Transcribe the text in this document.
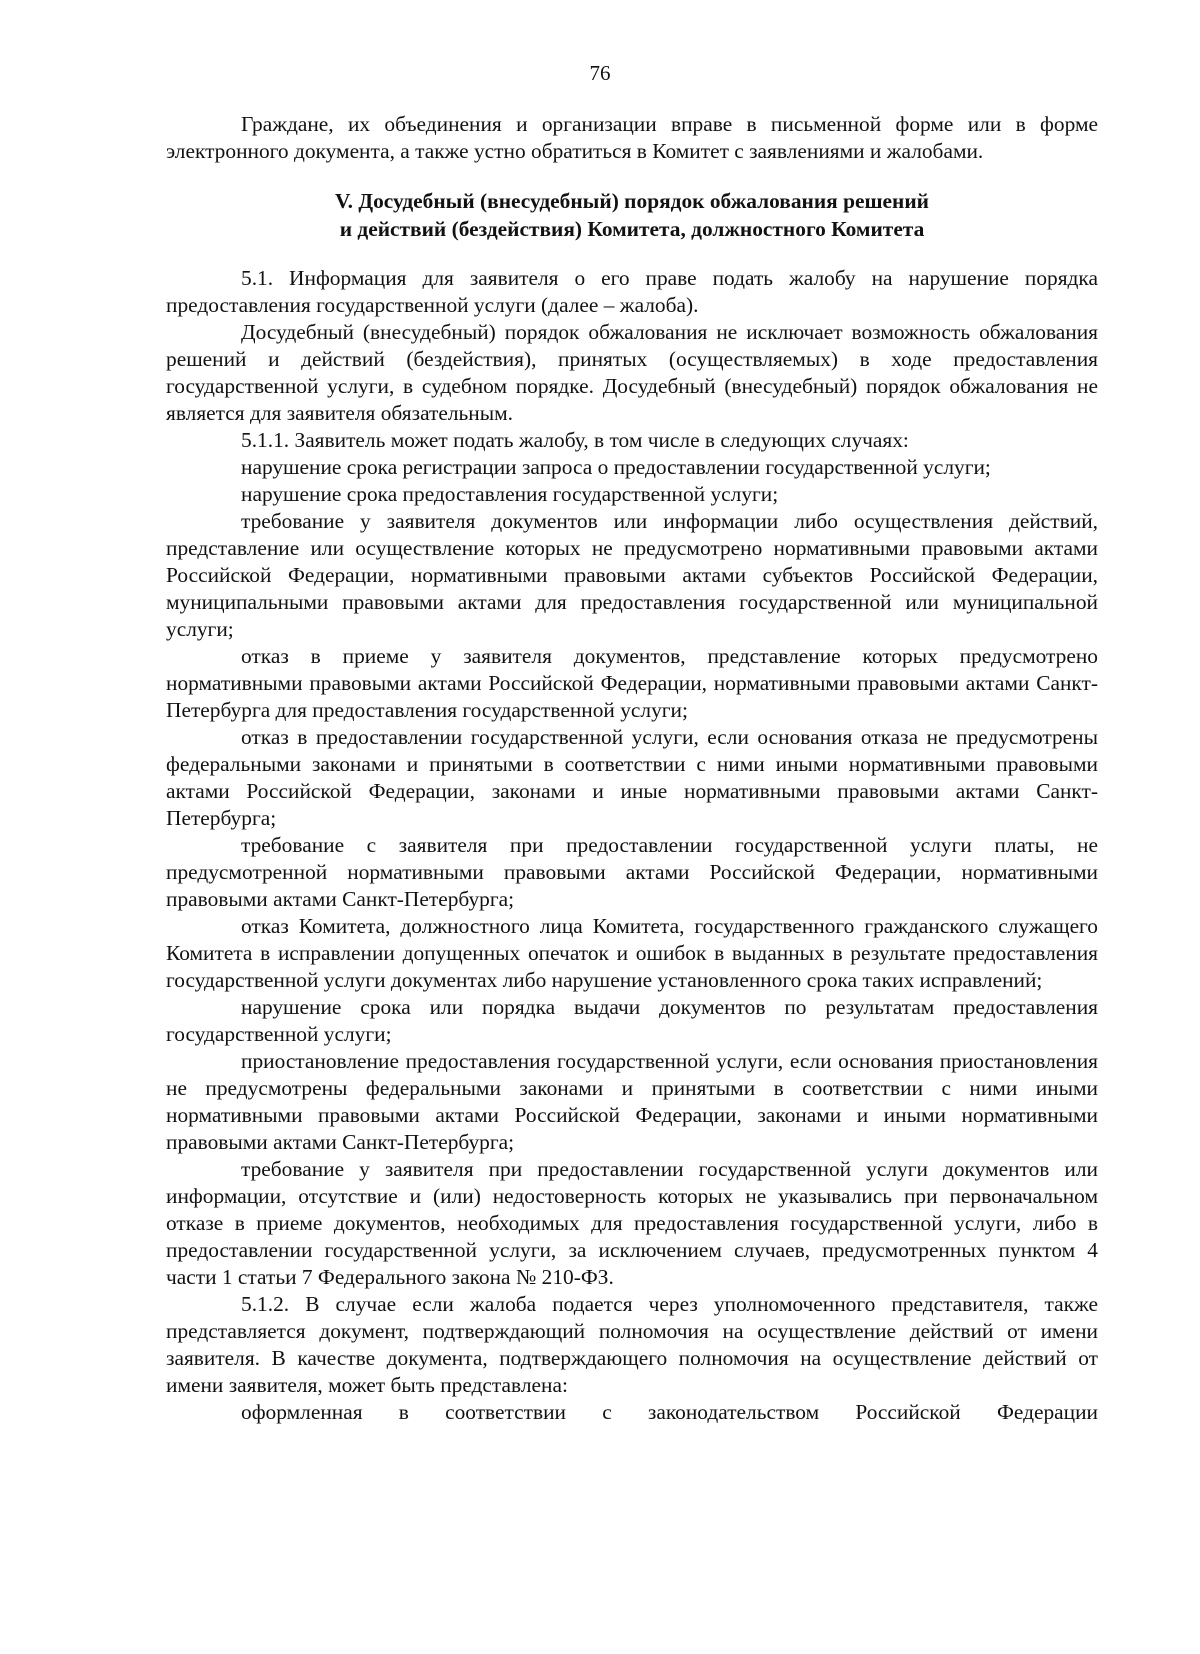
76

Граждане, их объединения и организации вправе в письменной форме или в форме электронного документа, а также устно обратиться в Комитет с заявлениями и жалобами.

V. Досудебный (внесудебный) порядок обжалования решений
и действий (бездействия) Комитета, должностного Комитета

5.1. Информация для заявителя о его праве подать жалобу на нарушение порядка предоставления государственной услуги (далее – жалоба).

Досудебный (внесудебный) порядок обжалования не исключает возможность обжалования решений и действий (бездействия), принятых (осуществляемых) в ходе предоставления государственной услуги, в судебном порядке. Досудебный (внесудебный) порядок обжалования не является для заявителя обязательным.

5.1.1. Заявитель может подать жалобу, в том числе в следующих случаях:

нарушение срока регистрации запроса о предоставлении государственной услуги;

нарушение срока предоставления государственной услуги;

требование у заявителя документов или информации либо осуществления действий, представление или осуществление которых не предусмотрено нормативными правовыми актами Российской Федерации, нормативными правовыми актами субъектов Российской Федерации, муниципальными правовыми актами для предоставления государственной или муниципальной услуги;

отказ в приеме у заявителя документов, представление которых предусмотрено нормативными правовыми актами Российской Федерации, нормативными правовыми актами Санкт-Петербурга для предоставления государственной услуги;

отказ в предоставлении государственной услуги, если основания отказа не предусмотрены федеральными законами и принятыми в соответствии с ними иными нормативными правовыми актами Российской Федерации, законами и иные нормативными правовыми актами Санкт-Петербурга;

требование с заявителя при предоставлении государственной услуги платы, не предусмотренной нормативными правовыми актами Российской Федерации, нормативными правовыми актами Санкт-Петербурга;

отказ Комитета, должностного лица Комитета, государственного гражданского служащего Комитета в исправлении допущенных опечаток и ошибок в выданных в результате предоставления государственной услуги документах либо нарушение установленного срока таких исправлений;

нарушение срока или порядка выдачи документов по результатам предоставления государственной услуги;

приостановление предоставления государственной услуги, если основания приостановления не предусмотрены федеральными законами и принятыми в соответствии с ними иными нормативными правовыми актами Российской Федерации, законами и иными нормативными правовыми актами Санкт-Петербурга;

требование у заявителя при предоставлении государственной услуги документов или информации, отсутствие и (или) недостоверность которых не указывались при первоначальном отказе в приеме документов, необходимых для предоставления государственной услуги, либо в предоставлении государственной услуги, за исключением случаев, предусмотренных пунктом 4 части 1 статьи 7 Федерального закона № 210-ФЗ.

5.1.2. В случае если жалоба подается через уполномоченного представителя, также представляется документ, подтверждающий полномочия на осуществление действий от имени заявителя. В качестве документа, подтверждающего полномочия на осуществление действий от имени заявителя, может быть представлена:

оформленная в соответствии с законодательством Российской Федерации
